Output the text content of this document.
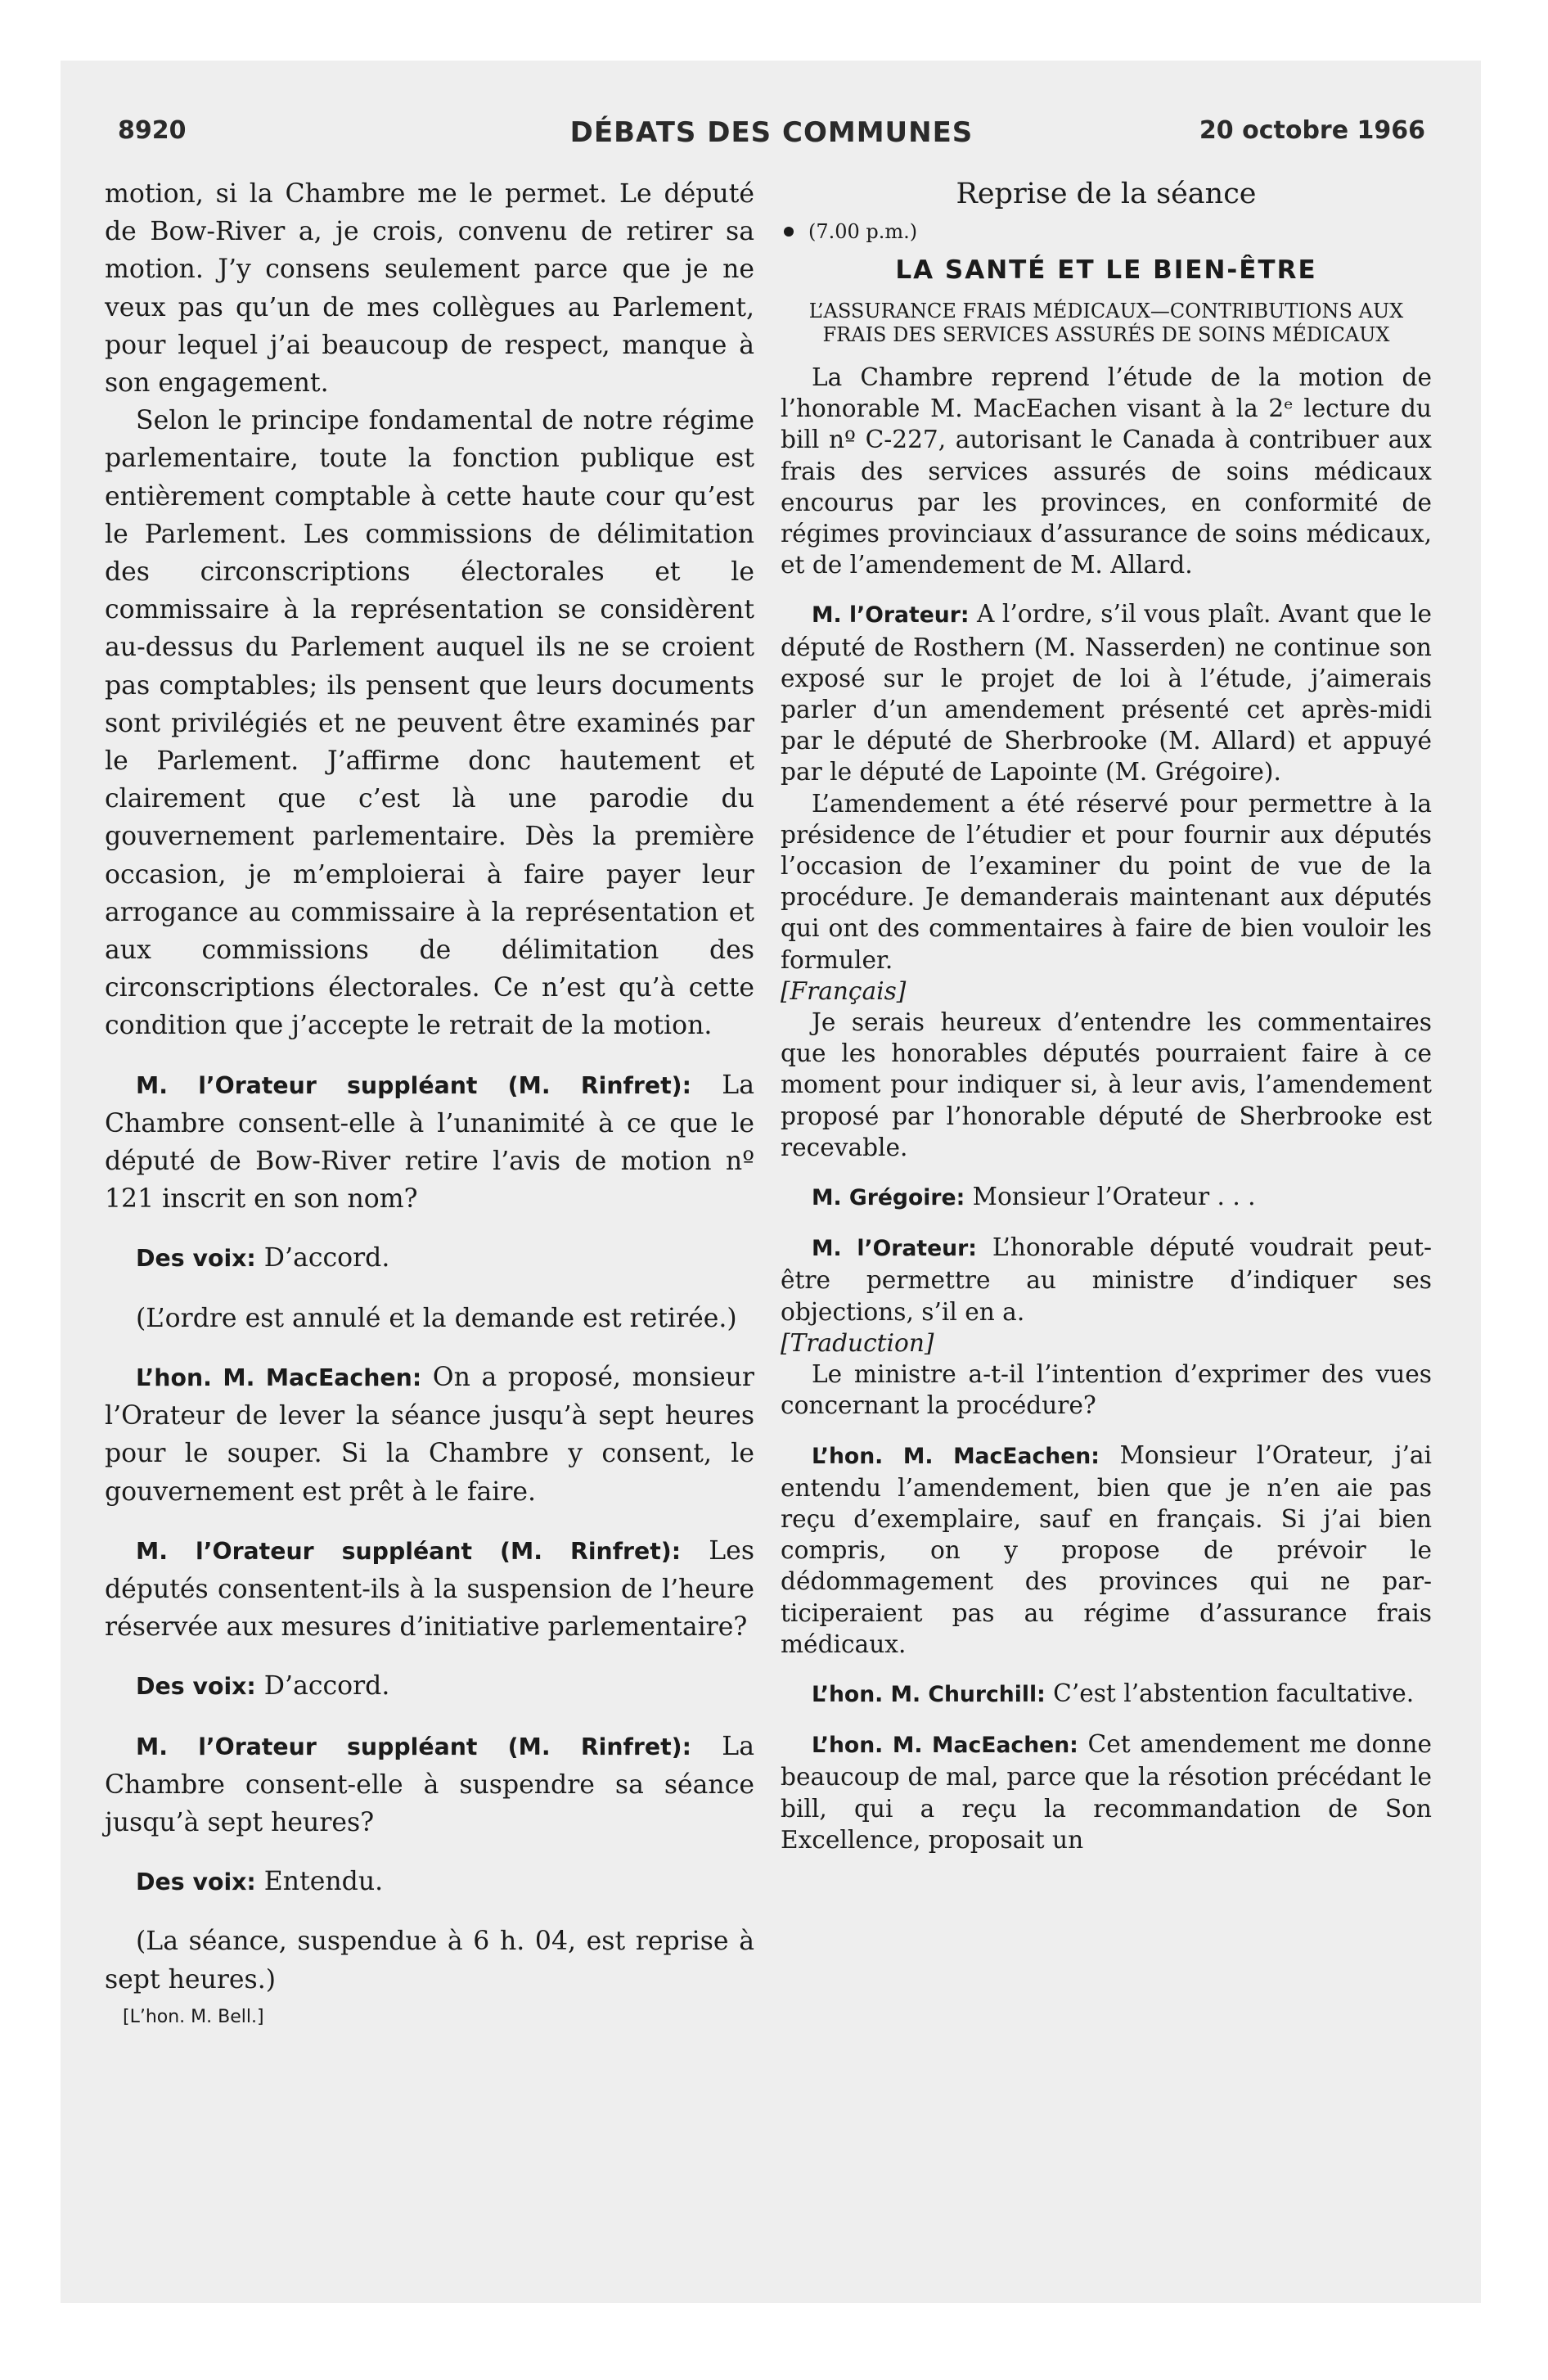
8920	DÉBATS DES COMMUNES	20 octobre 1966

motion, si la Chambre me le permet. Le député de Bow-River a, je crois, convenu de retirer sa motion. J’y consens seulement parce que je ne veux pas qu’un de mes collègues au Parlement, pour lequel j’ai beaucoup de respect, manque à son engagement.

Selon le principe fondamental de notre régime parlementaire, toute la fonction publique est entièrement comptable à cette haute cour qu’est le Parlement. Les commissions de délimitation des circonscriptions électorales et le commissaire à la représentation se considèrent au-dessus du Parlement auquel ils ne se croient pas comptables; ils pensent que leurs documents sont privilégiés et ne peuvent être examinés par le Parlement. J’affirme donc hautement et clairement que c’est là une parodie du gouvernement parlementaire. Dès la première occasion, je m’emploierai à faire payer leur arrogance au commissaire à la représentation et aux commissions de délimitation des circonscriptions électorales. Ce n’est qu’à cette condition que j’accepte le retrait de la motion.

M. l’Orateur suppléant (M. Rinfret): La Chambre consent-elle à l’unanimité à ce que le député de Bow-River retire l’avis de motion nº 121 inscrit en son nom?

Des voix: D’accord.

(L’ordre est annulé et la demande est retirée.)

L’hon. M. MacEachen: On a proposé, monsieur l’Orateur de lever la séance jusqu’à sept heures pour le souper. Si la Chambre y consent, le gouvernement est prêt à le faire.

M. l’Orateur suppléant (M. Rinfret): Les députés consentent-ils à la suspension de l’heure réservée aux mesures d’initiative parlementaire?

Des voix: D’accord.

M. l’Orateur suppléant (M. Rinfret): La Chambre consent-elle à suspendre sa séance jusqu’à sept heures?

Des voix: Entendu.

(La séance, suspendue à 6 h. 04, est reprise à sept heures.)

[L’hon. M. Bell.]
Reprise de la séance
(7.00 p.m.)
LA SANTÉ ET LE BIEN-ÊTRE
L’ASSURANCE FRAIS MÉDICAUX—CONTRIBUTIONS AUX FRAIS DES SERVICES ASSURÉS DE SOINS MÉDICAUX

La Chambre reprend l’étude de la motion de l’honorable M. MacEachen visant à la 2ᵉ lecture du bill nº C-227, autorisant le Canada à contribuer aux frais des services assurés de soins médicaux encourus par les provinces, en conformité de régimes provinciaux d’assurance de soins médicaux, et de l’amendement de M. Allard.

M. l’Orateur: A l’ordre, s’il vous plaît. Avant que le député de Rosthern (M. Nasserden) ne continue son exposé sur le projet de loi à l’étude, j’aimerais parler d’un amendement présenté cet après-midi par le député de Sherbrooke (M. Allard) et appuyé par le député de Lapointe (M. Grégoire).

L’amendement a été réservé pour permettre à la présidence de l’étudier et pour fournir aux députés l’occasion de l’examiner du point de vue de la procédure. Je demanderais maintenant aux députés qui ont des commentaires à faire de bien vouloir les formuler.

[Français]

Je serais heureux d’entendre les commentaires que les honorables députés pourraient faire à ce moment pour indiquer si, à leur avis, l’amendement proposé par l’honorable député de Sherbrooke est recevable.

M. Grégoire: Monsieur l’Orateur . . .

M. l’Orateur: L’honorable député voudrait peut-être permettre au ministre d’indiquer ses objections, s’il en a.

[Traduction]

Le ministre a-t-il l’intention d’exprimer des vues concernant la procédure?

L’hon. M. MacEachen: Monsieur l’Orateur, j’ai entendu l’amendement, bien que je n’en aie pas reçu d’exemplaire, sauf en français. Si j’ai bien compris, on y propose de prévoir le dédommagement des provinces qui ne participeraient pas au régime d’assurance frais médicaux.

L’hon. M. Churchill: C’est l’abstention facultative.

L’hon. M. MacEachen: Cet amendement me donne beaucoup de mal, parce que la résotion précédant le bill, qui a reçu la recommandation de Son Excellence, proposait un
